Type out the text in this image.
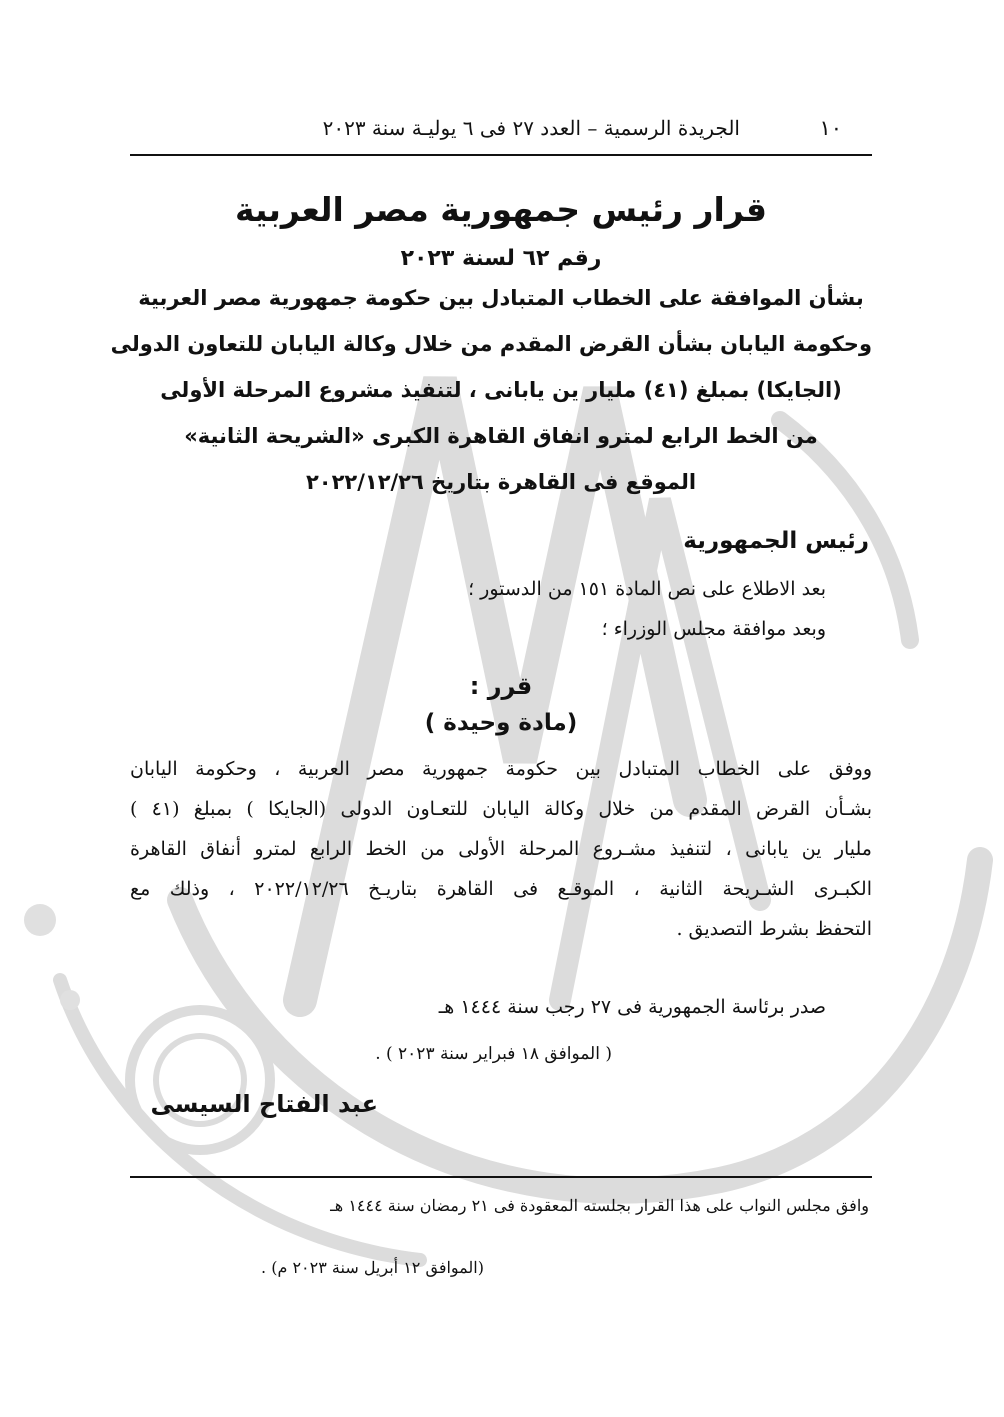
١٠
الجريدة الرسمية – العدد ٢٧ فى ٦ يوليـة سنة ٢٠٢٣
قرار رئيس جمهورية مصر العربية
رقم ٦٢ لسنة ٢٠٢٣
بشأن الموافقة على الخطاب المتبادل بين حكومة جمهورية مصر العربية
وحكومة اليابان بشأن القرض المقدم من خلال وكالة اليابان للتعاون الدولى
(الجايكا) بمبلغ (٤١) مليار ين يابانى ، لتنفيذ مشروع المرحلة الأولى
من الخط الرابع لمترو انفاق القاهرة الكبرى «الشريحة الثانية»
الموقع فى القاهرة بتاريخ ٢٠٢٢/١٢/٢٦
رئيس الجمهورية
بعد الاطلاع على نص المادة ١٥١ من الدستور ؛
وبعد موافقة مجلس الوزراء ؛
قرر :
(مادة وحيدة )
ووفق على الخطاب المتبادل بين حكومة جمهورية مصر العربية ، وحكومة اليابان
بشـأن القرض المقدم من خلال وكالة اليابان للتعـاون الدولى (الجايكا ) بمبلغ (٤١ )
مليار ين يابانى ، لتنفيذ مشـروع المرحلة الأولى من الخط الرابع لمترو أنفاق القاهرة
الكبـرى الشـريحة الثانية ، الموقـع فى القاهرة بتاريـخ ٢٠٢٢/١٢/٢٦ ، وذلك مع
التحفظ بشرط التصديق .
صدر برئاسة الجمهورية فى ٢٧ رجب سنة ١٤٤٤ هـ
( الموافق ١٨ فبراير سنة ٢٠٢٣ ) .
عبد الفتاح السيسى
وافق مجلس النواب على هذا القرار بجلسته المعقودة فى ٢١ رمضان سنة ١٤٤٤ هـ
(الموافق ١٢ أبريل سنة ٢٠٢٣ م) .
